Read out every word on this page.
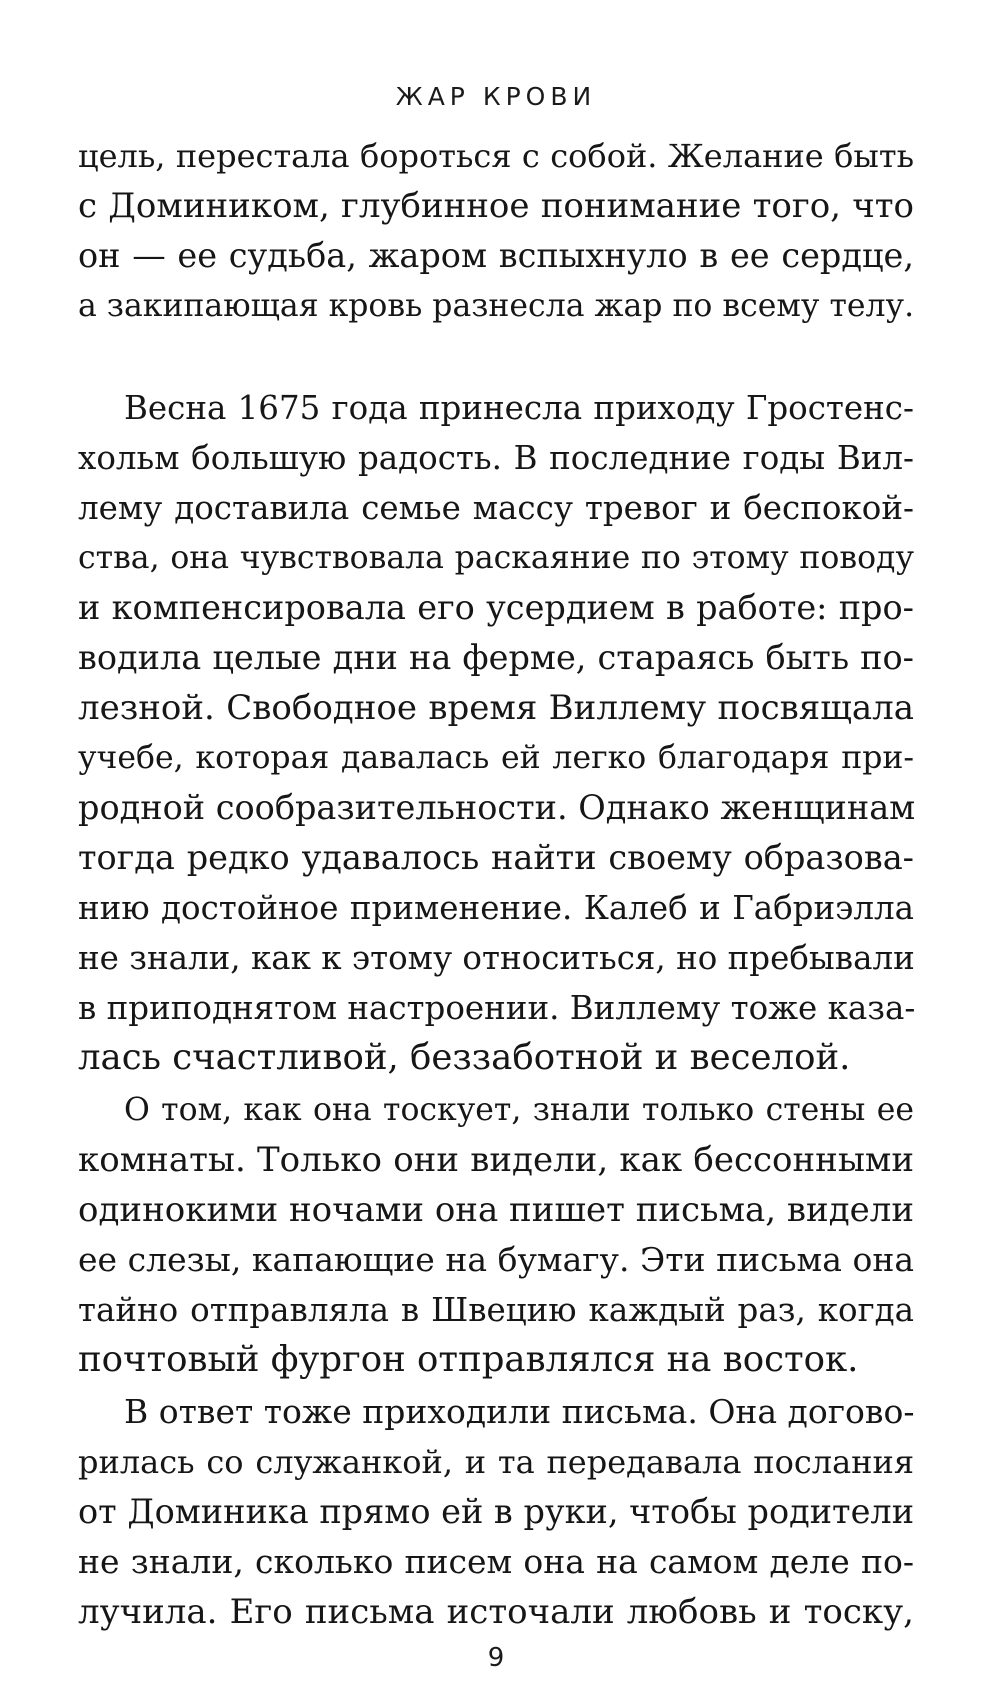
ЖАР КРОВИ
цель, перестала бороться с собой. Желание быть
с Домиником, глубинное понимание того, что
он — ее судьба, жаром вспыхнуло в ее сердце,
а закипающая кровь разнесла жар по всему телу.
Весна 1675 года принесла приходу Гростенс-
хольм большую радость. В последние годы Вил-
лему доставила семье массу тревог и беспокой-
ства, она чувствовала раскаяние по этому поводу
и компенсировала его усердием в работе: про-
водила целые дни на ферме, стараясь быть по-
лезной. Свободное время Виллему посвящала
учебе, которая давалась ей легко благодаря при-
родной сообразительности. Однако женщинам
тогда редко удавалось найти своему образова-
нию достойное применение. Калеб и Габриэлла
не знали, как к этому относиться, но пребывали
в приподнятом настроении. Виллему тоже каза-
лась счастливой, беззаботной и веселой.
О том, как она тоскует, знали только стены ее
комнаты. Только они видели, как бессонными
одинокими ночами она пишет письма, видели
ее слезы, капающие на бумагу. Эти письма она
тайно отправляла в Швецию каждый раз, когда
почтовый фургон отправлялся на восток.
В ответ тоже приходили письма. Она догово-
рилась со служанкой, и та передавала послания
от Доминика прямо ей в руки, чтобы родители
не знали, сколько писем она на самом деле по-
лучила. Его письма источали любовь и тоску,
9
